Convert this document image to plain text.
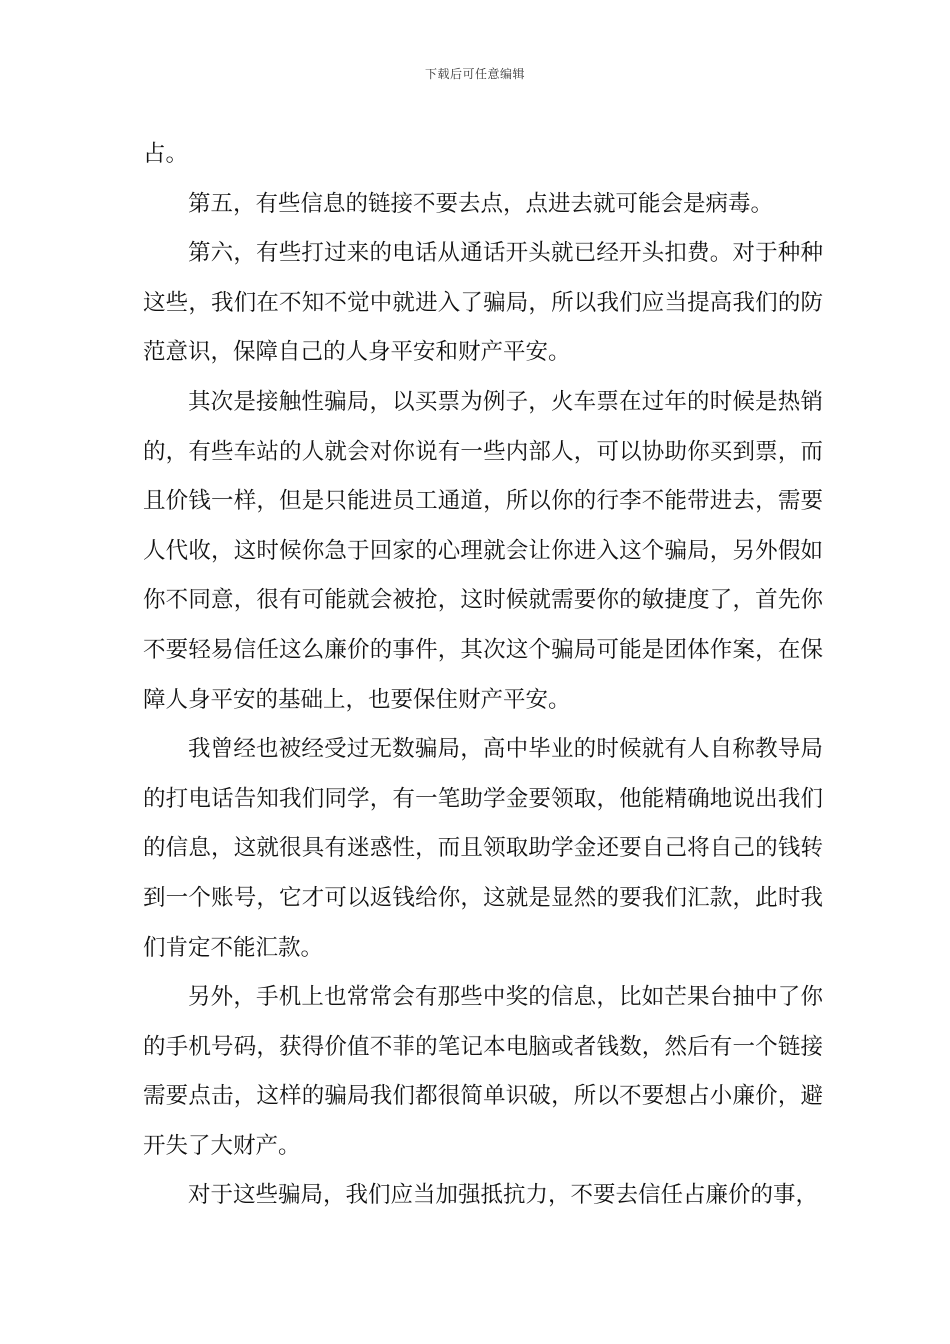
下载后可任意编辑

占。

第五，有些信息的链接不要去点，点进去就可能会是病毒。

第六，有些打过来的电话从通话开头就已经开头扣费。对于种种这些，我们在不知不觉中就进入了骗局，所以我们应当提高我们的防范意识，保障自己的人身平安和财产平安。

其次是接触性骗局，以买票为例子，火车票在过年的时候是热销的，有些车站的人就会对你说有一些内部人，可以协助你买到票，而且价钱一样，但是只能进员工通道，所以你的行李不能带进去，需要人代收，这时候你急于回家的心理就会让你进入这个骗局，另外假如你不同意，很有可能就会被抢，这时候就需要你的敏捷度了，首先你不要轻易信任这么廉价的事件，其次这个骗局可能是团体作案，在保障人身平安的基础上，也要保住财产平安。

我曾经也被经受过无数骗局，高中毕业的时候就有人自称教导局的打电话告知我们同学，有一笔助学金要领取，他能精确地说出我们的信息，这就很具有迷惑性，而且领取助学金还要自己将自己的钱转到一个账号，它才可以返钱给你，这就是显然的要我们汇款，此时我们肯定不能汇款。

另外，手机上也常常会有那些中奖的信息，比如芒果台抽中了你的手机号码，获得价值不菲的笔记本电脑或者钱数，然后有一个链接需要点击，这样的骗局我们都很简单识破，所以不要想占小廉价，避开失了大财产。

对于这些骗局，我们应当加强抵抗力，不要去信任占廉价的事，
